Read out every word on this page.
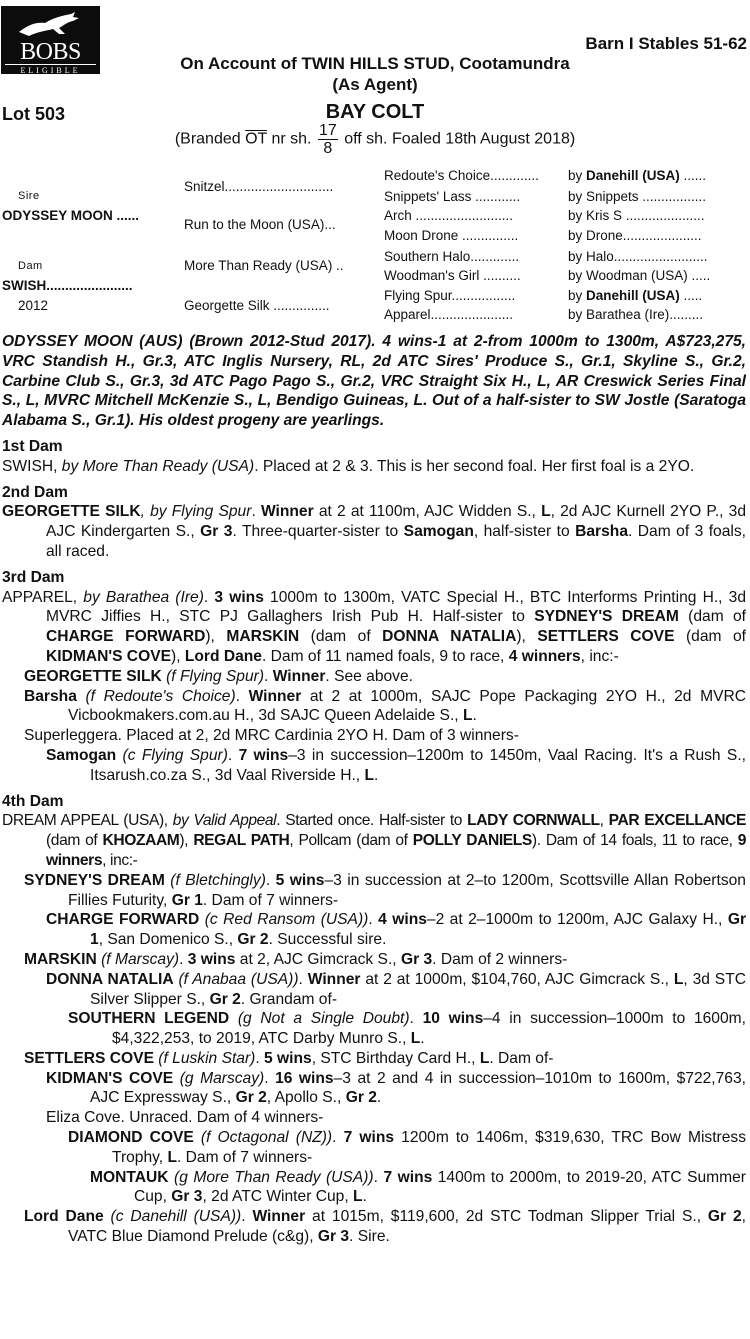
BOBS
ELIGIBLE
Barn I Stables 51-62
On Account of TWIN HILLS STUD, Cootamundra
(As Agent)
Lot 503	BAY COLT
(Branded $\overline{OT}$ nr sh. $\frac{17}{8}$ off sh. Foaled 18th August 2018)
Sire
ODYSSEY MOON ......
Dam
SWISH.......................
2012
Snitzel.............................
Run to the Moon (USA)...
More Than Ready (USA) ..
Georgette Silk ...............
Redoute's Choice.............
Snippets' Lass ............
Arch ..........................
Moon Drone ...............
Southern Halo.............
Woodman's Girl ..........
Flying Spur.................
Apparel......................
by Danehill (USA) ......
by Snippets .................
by Kris S .....................
by Drone.....................
by Halo.........................
by Woodman (USA) .....
by Danehill (USA) .....
by Barathea (Ire).........

ODYSSEY MOON (AUS) (Brown 2012-Stud 2017). 4 wins-1 at 2-from 1000m to 1300m, A$723,275, VRC Standish H., Gr.3, ATC Inglis Nursery, RL, 2d ATC Sires' Produce S., Gr.1, Skyline S., Gr.2, Carbine Club S., Gr.3, 3d ATC Pago Pago S., Gr.2, VRC Straight Six H., L, AR Creswick Series Final S., L, MVRC Mitchell McKenzie S., L, Bendigo Guineas, L. Out of a half-sister to SW Jostle (Saratoga Alabama S., Gr.1). His oldest progeny are yearlings.

1st Dam

SWISH, by More Than Ready (USA). Placed at 2 & 3. This is her second foal. Her first foal is a 2YO.

2nd Dam

GEORGETTE SILK, by Flying Spur. Winner at 2 at 1100m, AJC Widden S., L, 2d AJC Kurnell 2YO P., 3d AJC Kindergarten S., Gr 3. Three-quarter-sister to Samogan, half-sister to Barsha. Dam of 3 foals, all raced.

3rd Dam

APPAREL, by Barathea (Ire). 3 wins 1000m to 1300m, VATC Special H., BTC Interforms Printing H., 3d MVRC Jiffies H., STC PJ Gallaghers Irish Pub H. Half-sister to SYDNEY'S DREAM (dam of CHARGE FORWARD), MARSKIN (dam of DONNA NATALIA), SETTLERS COVE (dam of KIDMAN'S COVE), Lord Dane. Dam of 11 named foals, 9 to race, 4 winners, inc:-

GEORGETTE SILK (f Flying Spur). Winner. See above.

Barsha (f Redoute's Choice). Winner at 2 at 1000m, SAJC Pope Packaging 2YO H., 2d MVRC Vicbookmakers.com.au H., 3d SAJC Queen Adelaide S., L.

Superleggera. Placed at 2, 2d MRC Cardinia 2YO H. Dam of 3 winners-

Samogan (c Flying Spur). 7 wins–3 in succession–1200m to 1450m, Vaal Racing. It's a Rush S., Itsarush.co.za S., 3d Vaal Riverside H., L.

4th Dam

DREAM APPEAL (USA), by Valid Appeal. Started once. Half-sister to LADY CORNWALL, PAR EXCELLANCE (dam of KHOZAAM), REGAL PATH, Pollcam (dam of POLLY DANIELS). Dam of 14 foals, 11 to race, 9 winners, inc:-

SYDNEY'S DREAM (f Bletchingly). 5 wins–3 in succession at 2–to 1200m, Scottsville Allan Robertson Fillies Futurity, Gr 1. Dam of 7 winners-

CHARGE FORWARD (c Red Ransom (USA)). 4 wins–2 at 2–1000m to 1200m, AJC Galaxy H., Gr 1, San Domenico S., Gr 2. Successful sire.

MARSKIN (f Marscay). 3 wins at 2, AJC Gimcrack S., Gr 3. Dam of 2 winners-

DONNA NATALIA (f Anabaa (USA)). Winner at 2 at 1000m, $104,760, AJC Gimcrack S., L, 3d STC Silver Slipper S., Gr 2. Grandam of-

SOUTHERN LEGEND (g Not a Single Doubt). 10 wins–4 in succession–1000m to 1600m, $4,322,253, to 2019, ATC Darby Munro S., L.

SETTLERS COVE (f Luskin Star). 5 wins, STC Birthday Card H., L. Dam of-

KIDMAN'S COVE (g Marscay). 16 wins–3 at 2 and 4 in succession–1010m to 1600m, $722,763, AJC Expressway S., Gr 2, Apollo S., Gr 2.

Eliza Cove. Unraced. Dam of 4 winners-

DIAMOND COVE (f Octagonal (NZ)). 7 wins 1200m to 1406m, $319,630, TRC Bow Mistress Trophy, L. Dam of 7 winners-

MONTAUK (g More Than Ready (USA)). 7 wins 1400m to 2000m, to 2019-20, ATC Summer Cup, Gr 3, 2d ATC Winter Cup, L.

Lord Dane (c Danehill (USA)). Winner at 1015m, $119,600, 2d STC Todman Slipper Trial S., Gr 2, VATC Blue Diamond Prelude (c&g), Gr 3. Sire.
